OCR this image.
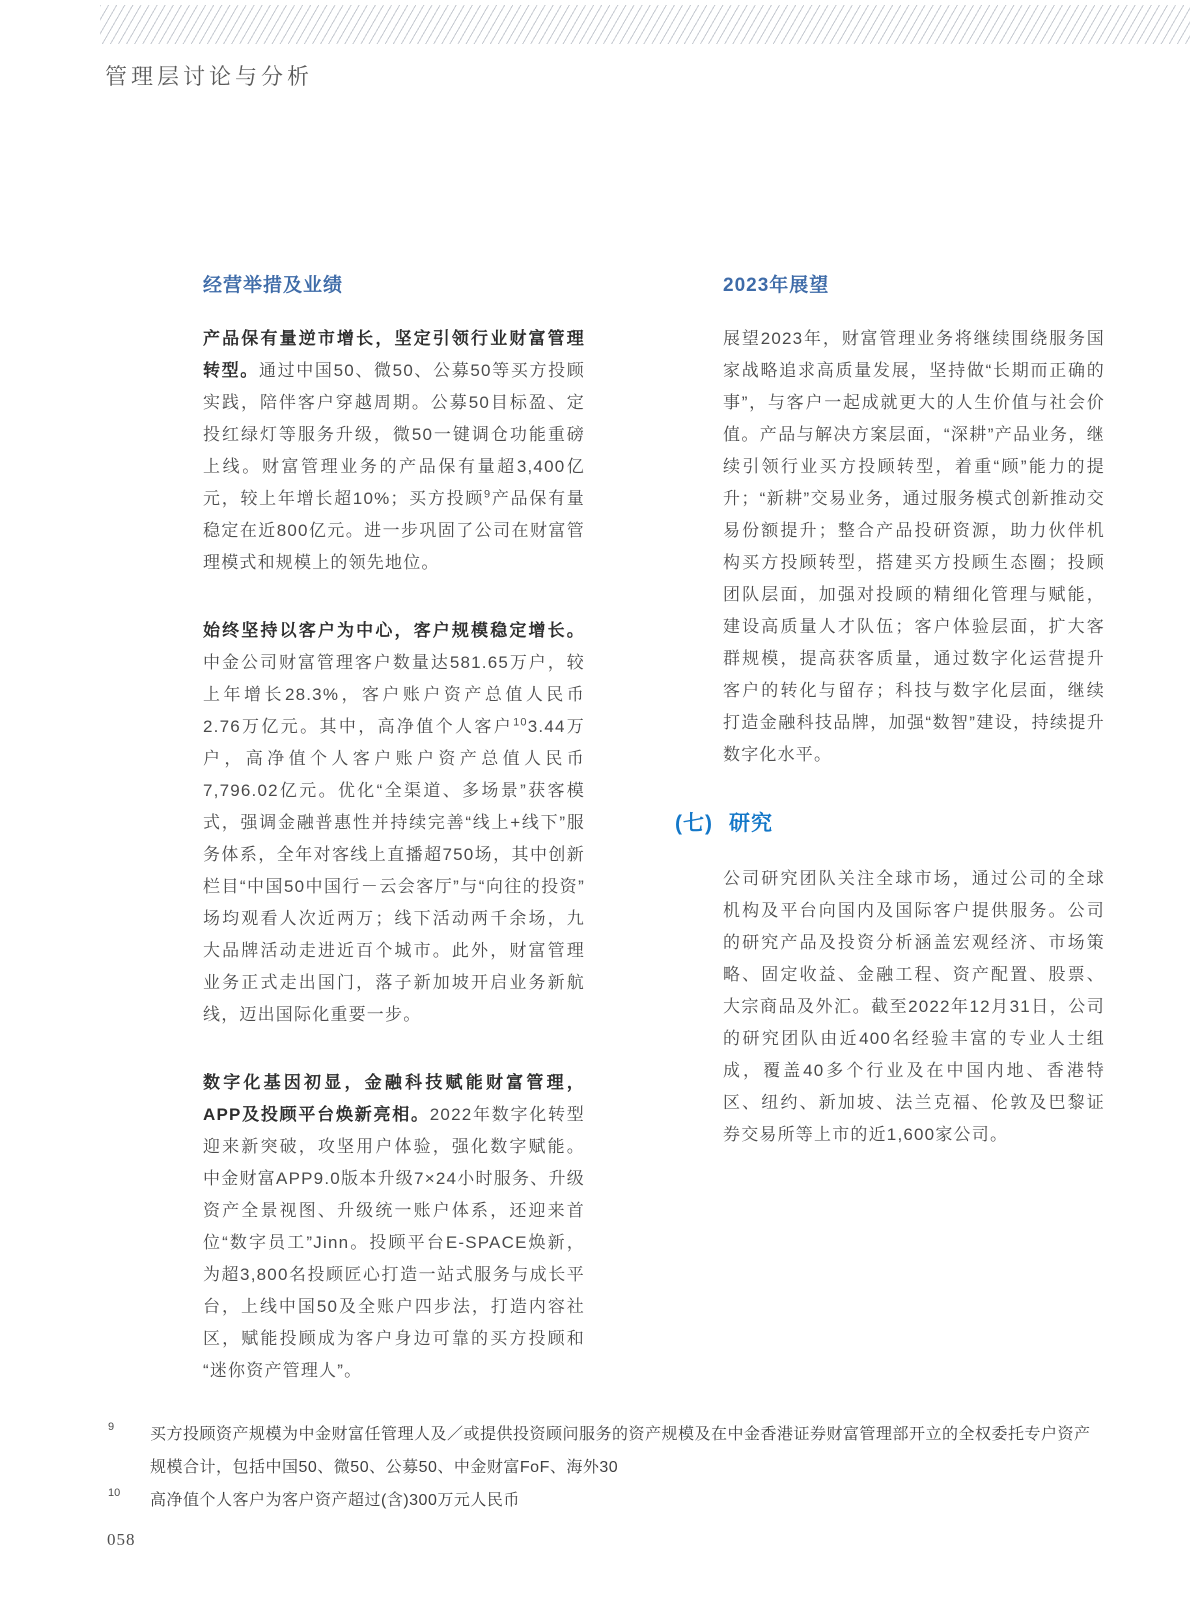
管理层讨论与分析
经营举措及业绩

产品保有量逆市增长，坚定引领行业财富管理转型。通过中国50、微50、公募50等买方投顾实践，陪伴客户穿越周期。公募50目标盈、定投红绿灯等服务升级，微50一键调仓功能重磅上线。财富管理业务的产品保有量超3,400亿元，较上年增长超10%；买方投顾$^9$产品保有量稳定在近800亿元。进一步巩固了公司在财富管理模式和规模上的领先地位。

始终坚持以客户为中心，客户规模稳定增长。中金公司财富管理客户数量达581.65万户，较上年增长28.3%，客户账户资产总值人民币2.76万亿元。其中，高净值个人客户$^{10}$3.44万户，高净值个人客户账户资产总值人民币7,796.02亿元。优化“全渠道、多场景”获客模式，强调金融普惠性并持续完善“线上+线下”服务体系，全年对客线上直播超750场，其中创新栏目“中国50中国行－云会客厅”与“向往的投资”场均观看人次近两万；线下活动两千余场，九大品牌活动走进近百个城市。此外，财富管理业务正式走出国门，落子新加坡开启业务新航线，迈出国际化重要一步。

数字化基因初显，金融科技赋能财富管理，APP及投顾平台焕新亮相。2022年数字化转型迎来新突破，攻坚用户体验，强化数字赋能。中金财富APP9.0版本升级7×24小时服务、升级资产全景视图、升级统一账户体系，还迎来首位“数字员工”Jinn。投顾平台E-SPACE焕新，为超3,800名投顾匠心打造一站式服务与成长平台，上线中国50及全账户四步法，打造内容社区，赋能投顾成为客户身边可靠的买方投顾和“迷你资产管理人”。

2023年展望

展望2023年，财富管理业务将继续围绕服务国家战略追求高质量发展，坚持做“长期而正确的事”，与客户一起成就更大的人生价值与社会价值。产品与解决方案层面，“深耕”产品业务，继续引领行业买方投顾转型，着重“顾”能力的提升；“新耕”交易业务，通过服务模式创新推动交易份额提升；整合产品投研资源，助力伙伴机构买方投顾转型，搭建买方投顾生态圈；投顾团队层面，加强对投顾的精细化管理与赋能，建设高质量人才队伍；客户体验层面，扩大客群规模，提高获客质量，通过数字化运营提升客户的转化与留存；科技与数字化层面，继续打造金融科技品牌，加强“数智”建设，持续提升数字化水平。

(七) 研究

公司研究团队关注全球市场，通过公司的全球机构及平台向国内及国际客户提供服务。公司的研究产品及投资分析涵盖宏观经济、市场策略、固定收益、金融工程、资产配置、股票、大宗商品及外汇。截至2022年12月31日，公司的研究团队由近400名经验丰富的专业人士组成，覆盖40多个行业及在中国内地、香港特区、纽约、新加坡、法兰克福、伦敦及巴黎证券交易所等上市的近1,600家公司。

9	买方投顾资产规模为中金财富任管理人及／或提供投资顾问服务的资产规模及在中金香港证券财富管理部开立的全权委托专户资产规模合计，包括中国50、微50、公募50、中金财富FoF、海外30
10	高净值个人客户为客户资产超过(含)300万元人民币
058
